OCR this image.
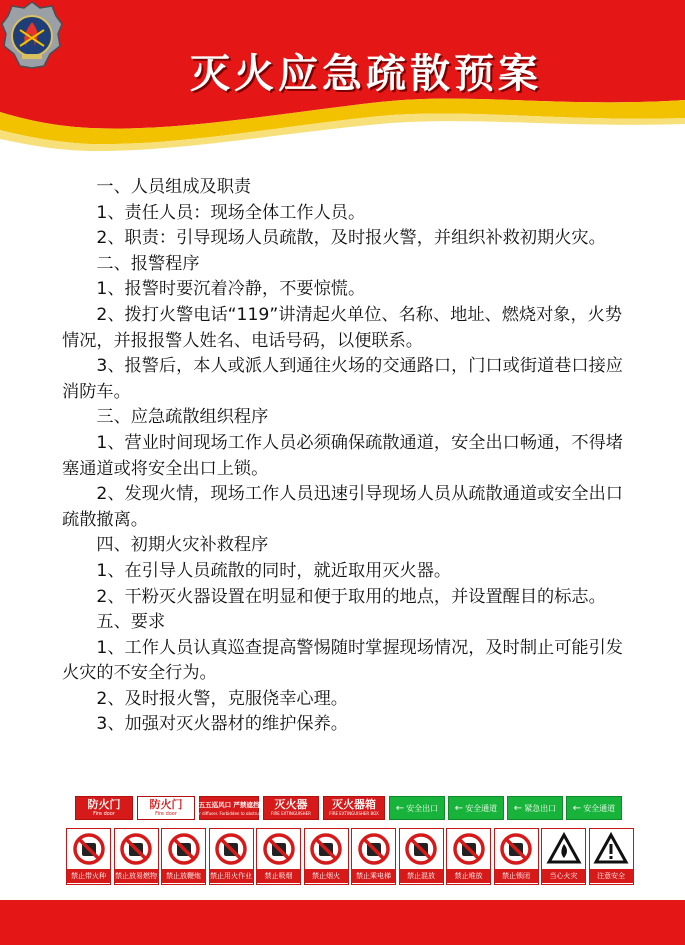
灭火应急疏散预案

一、人员组成及职责

1、责任人员：现场全体工作人员。

2、职责：引导现场人员疏散，及时报火警，并组织补救初期火灾。

二、报警程序

1、报警时要沉着冷静，不要惊慌。

2、拨打火警电话“119”讲清起火单位、名称、地址、燃烧对象，火势情况，并报报警人姓名、电话号码，以便联系。

3、报警后，本人或派人到通往火场的交通路口，门口或街道巷口接应消防车。

三、应急疏散组织程序

1、营业时间现场工作人员必须确保疏散通道，安全出口畅通，不得堵塞通道或将安全出口上锁。

2、发现火情，现场工作人员迅速引导现场人员从疏散通道或安全出口疏散撤离。

四、初期火灾补救程序

1、在引导人员疏散的同时，就近取用灭火器。

2、干粉灭火器设置在明显和便于取用的地点，并设置醒目的标志。

五、要求

1、工作人员认真巡查提高警惕随时掌握现场情况，及时制止可能引发火灾的不安全行为。

2、及时报火警，克服侥幸心理。

3、加强对灭火器材的维护保养。

防火门
Fire door
防火门
Fire door
五五巡风口 严禁遮挡
Air diffuser. Forbidden to obstruct
灭火器
FIRE EXTINGUISHER
灭火器箱
FIRE EXTINGUISHER BOX ← 安全出口 ← 安全通道 ← 紧急出口 ← 安全通道
禁止带火种	禁止放易燃物	禁止放鞭炮	禁止用火作业	禁止吸烟	禁止烟火	禁止乘电梯	禁止混放	禁止堆放	禁止锁闭	当心火灾	注意安全
